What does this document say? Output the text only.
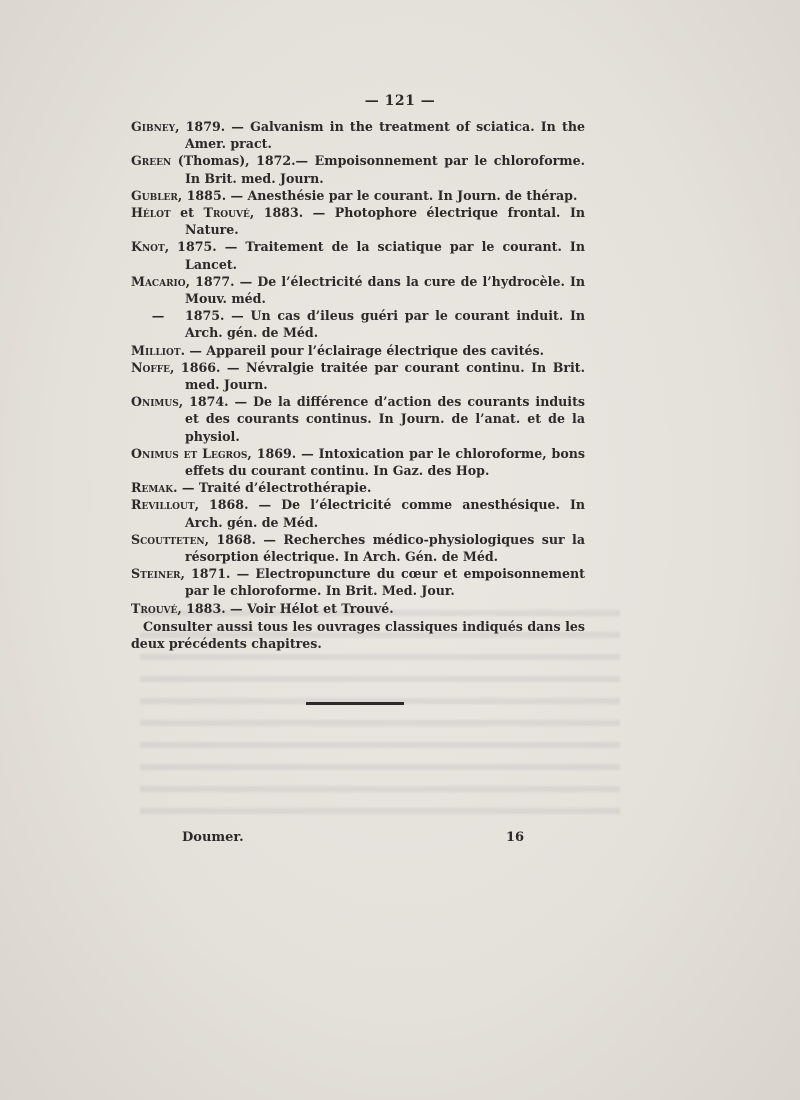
— 121 —
Gibney, 1879. — Galvanism in the treatment of sciatica. In the Amer. pract.
Green (Thomas), 1872.— Empoisonnement par le chloroforme. In Brit. med. Journ.
Gubler, 1885. — Anesthésie par le courant. In Journ. de thérap.
Hélot et Trouvé, 1883. — Photophore électrique frontal. In Nature.
Knot, 1875. — Traitement de la sciatique par le courant. In Lancet.
Macario, 1877. — De l’électricité dans la cure de l’hydrocèle. In Mouv. méd.
— 1875. — Un cas d’ileus guéri par le courant induit. In Arch. gén. de Méd.
Milliot. — Appareil pour l’éclairage électrique des cavités.
Noffe, 1866. — Névralgie traitée par courant continu. In Brit. med. Journ.
Onimus, 1874. — De la différence d’action des courants induits et des courants continus. In Journ. de l’anat. et de la physiol.
Onimus et Legros, 1869. — Intoxication par le chloroforme, bons effets du courant continu. In Gaz. des Hop.
Remak. — Traité d’électrothérapie.
Revillout, 1868. — De l’électricité comme anesthésique. In Arch. gén. de Méd.
Scoutteten, 1868. — Recherches médico-physiologiques sur la résorption électrique. In Arch. Gén. de Méd.
Steiner, 1871. — Electropuncture du cœur et empoisonnement par le chloroforme. In Brit. Med. Jour.
Trouvé, 1883. — Voir Hélot et Trouvé.
Consulter aussi tous les ouvrages classiques indiqués dans les deux précédents chapitres.
Doumer.	16
